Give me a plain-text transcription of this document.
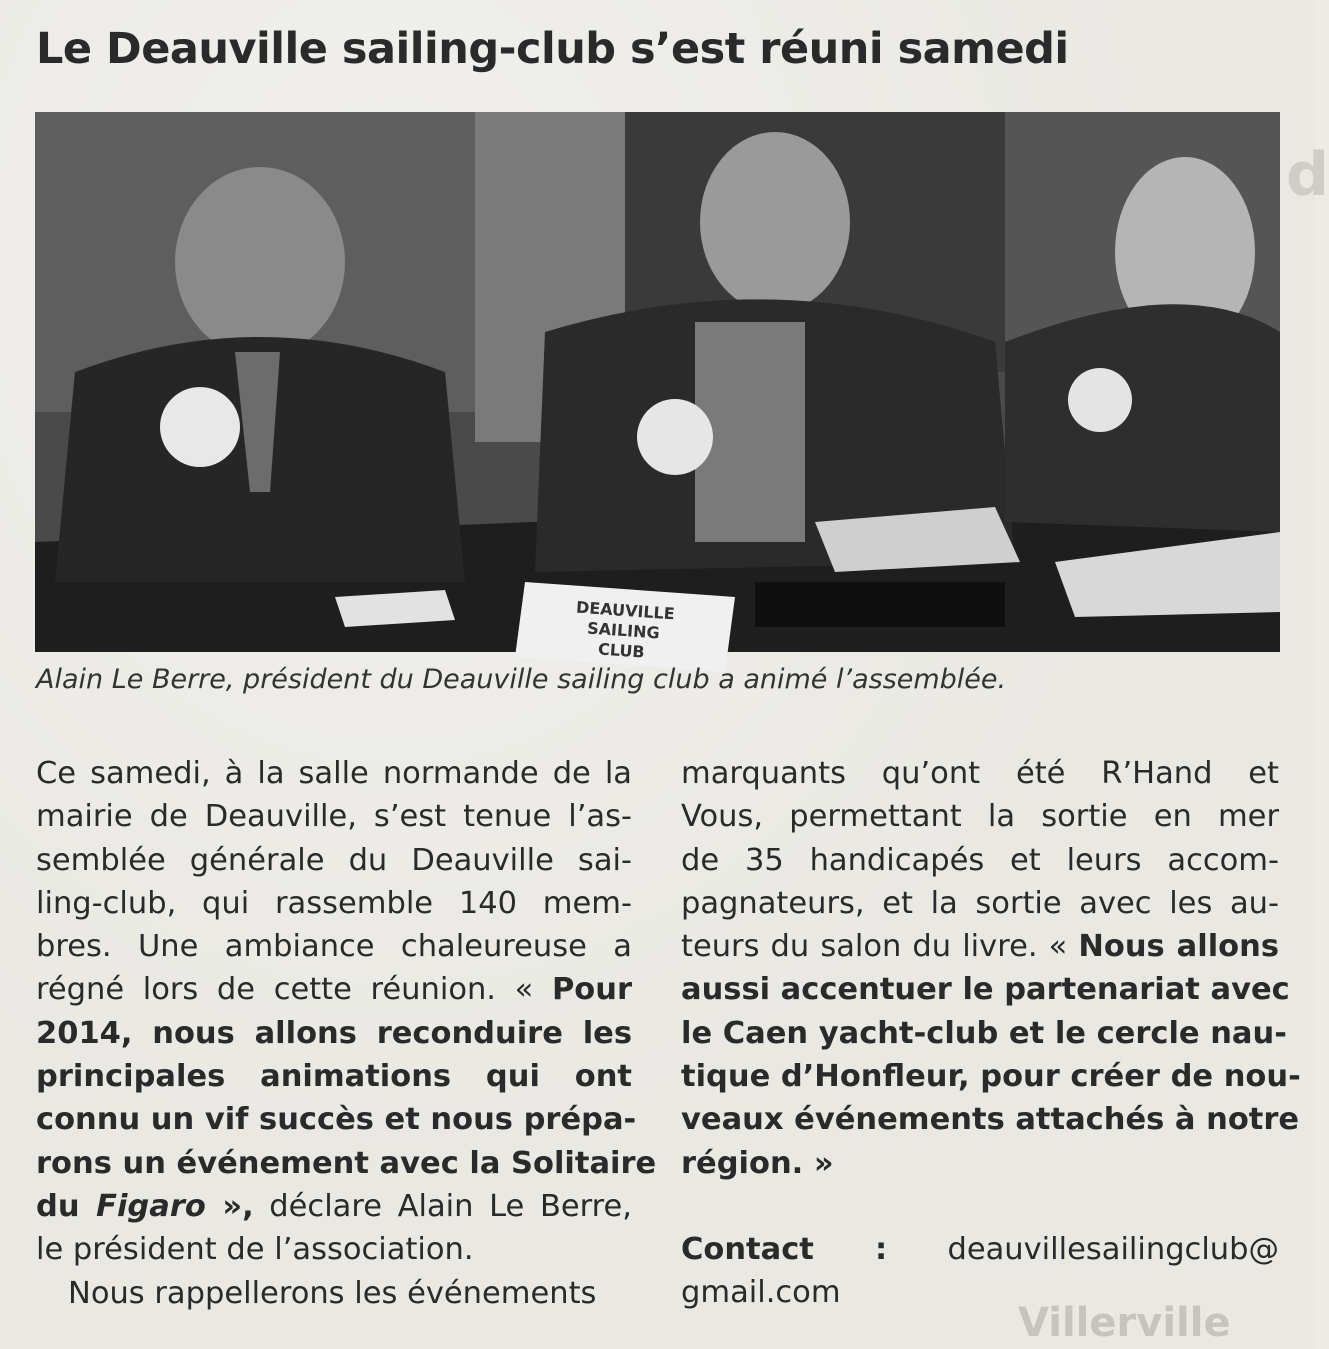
d
Villerville
Le Deauville sailing-club s’est réuni samedi
DEAUVILLE
SAILING
CLUB
Alain Le Berre, président du Deauville sailing club a animé l’assemblée.
Ce samedi, à la salle normande de la
mairie de Deauville, s’est tenue l’as-
semblée générale du Deauville sai-
ling-club, qui rassemble 140 mem-
bres. Une ambiance chaleureuse a
régné lors de cette réunion. « Pour
2014, nous allons reconduire les
principales animations qui ont
connu un vif succès et nous prépa-
rons un événement avec la Solitaire
du Figaro », déclare Alain Le Berre,
le président de l’association.
Nous rappellerons les événements
marquants qu’ont été R’Hand et
Vous, permettant la sortie en mer
de 35 handicapés et leurs accom-
pagnateurs, et la sortie avec les au-
teurs du salon du livre. « Nous allons
aussi accentuer le partenariat avec
le Caen yacht-club et le cercle nau-
tique d’Honfleur, pour créer de nou-
veaux événements attachés à notre
région. »
Contact : deauvillesailingclub@
gmail.com
